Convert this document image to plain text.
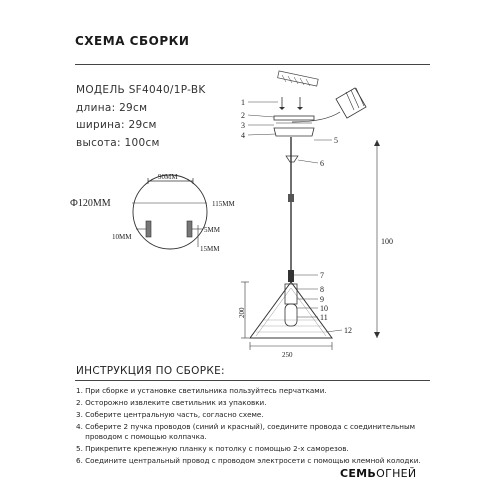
СХЕМА СБОРКИ
МОДЕЛЬ SF4040/1P-BK
длина: 29см
ширина: 29см
высота: 100см
90MM
Ф120ММ	115MM
10MM
5MM
15MM
1
2
3
4
5
6
7
8
9
10
11
12
200
250
100
ИНСТРУКЦИЯ ПО СБОРКЕ:
1. При сборке и установке светильника пользуйтесь перчатками.
2. Осторожно извлеките светильник из упаковки.
3. Соберите центральную часть, согласно схеме.
4. Соберите 2 пучка проводов (синий и красный), соедините провода с соединительным
проводом с помощью колпачка.
5. Прикрепите крепежную планку к потолку с помощью 2-х саморезов.
6. Соедините центральный провод с проводом электросети с помощью клемной колодки.
СЕМЬОГНЕЙ
